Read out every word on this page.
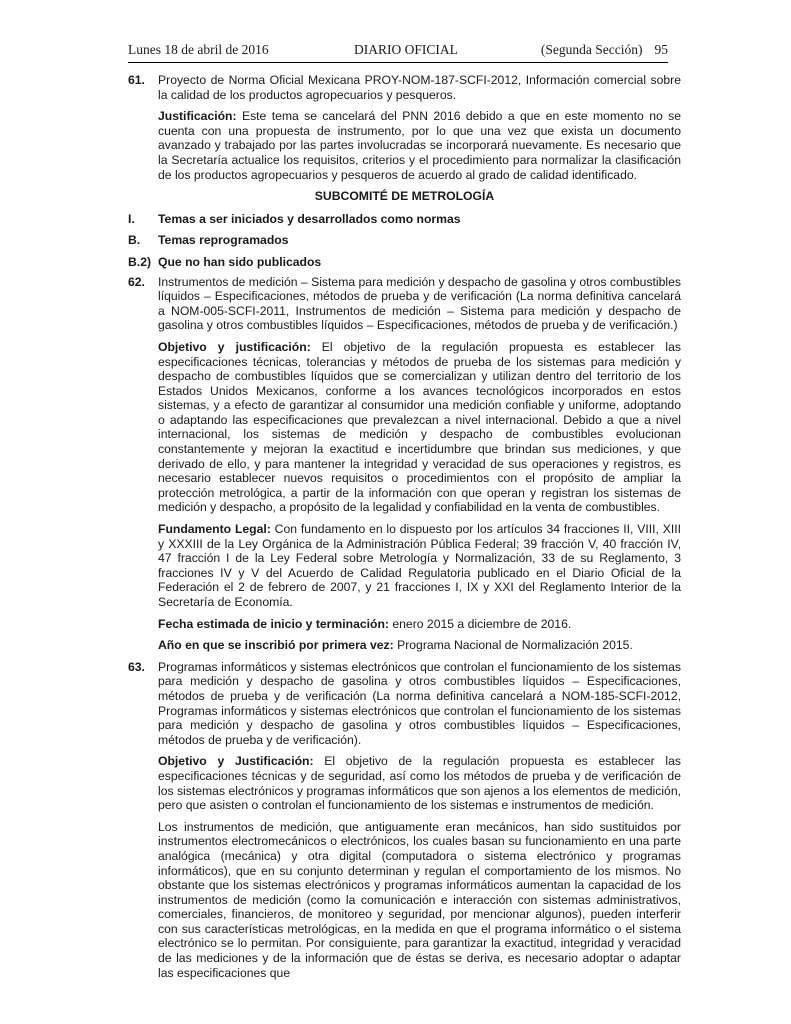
Lunes 18 de abril de 2016	DIARIO OFICIAL	(Segunda Sección) 95
61.	Proyecto de Norma Oficial Mexicana PROY-NOM-187-SCFI-2012, Información comercial sobre la calidad de los productos agropecuarios y pesqueros.
Justificación: Este tema se cancelará del PNN 2016 debido a que en este momento no se cuenta con una propuesta de instrumento, por lo que una vez que exista un documento avanzado y trabajado por las partes involucradas se incorporará nuevamente. Es necesario que la Secretaría actualice los requisitos, criterios y el procedimiento para normalizar la clasificación de los productos agropecuarios y pesqueros de acuerdo al grado de calidad identificado.
SUBCOMITÉ DE METROLOGÍA
I.	Temas a ser iniciados y desarrollados como normas
B.	Temas reprogramados
B.2) Que no han sido publicados
62.	Instrumentos de medición – Sistema para medición y despacho de gasolina y otros combustibles líquidos – Especificaciones, métodos de prueba y de verificación (La norma definitiva cancelará a NOM-005-SCFI-2011, Instrumentos de medición – Sistema para medición y despacho de gasolina y otros combustibles líquidos – Especificaciones, métodos de prueba y de verificación.)
Objetivo y justificación: El objetivo de la regulación propuesta es establecer las especificaciones técnicas, tolerancias y métodos de prueba de los sistemas para medición y despacho de combustibles líquidos que se comercializan y utilizan dentro del territorio de los Estados Unidos Mexicanos, conforme a los avances tecnológicos incorporados en estos sistemas, y a efecto de garantizar al consumidor una medición confiable y uniforme, adoptando o adaptando las especificaciones que prevalezcan a nivel internacional. Debido a que a nivel internacional, los sistemas de medición y despacho de combustibles evolucionan constantemente y mejoran la exactitud e incertidumbre que brindan sus mediciones, y que derivado de ello, y para mantener la integridad y veracidad de sus operaciones y registros, es necesario establecer nuevos requisitos o procedimientos con el propósito de ampliar la protección metrológica, a partir de la información con que operan y registran los sistemas de medición y despacho, a propósito de la legalidad y confiabilidad en la venta de combustibles.
Fundamento Legal: Con fundamento en lo dispuesto por los artículos 34 fracciones II, VIII, XIII y XXXIII de la Ley Orgánica de la Administración Pública Federal; 39 fracción V, 40 fracción IV, 47 fracción I de la Ley Federal sobre Metrología y Normalización, 33 de su Reglamento, 3 fracciones IV y V del Acuerdo de Calidad Regulatoria publicado en el Diario Oficial de la Federación el 2 de febrero de 2007, y 21 fracciones I, IX y XXI del Reglamento Interior de la Secretaría de Economía.
Fecha estimada de inicio y terminación: enero 2015 a diciembre de 2016.
Año en que se inscribió por primera vez: Programa Nacional de Normalización 2015.
63.	Programas informáticos y sistemas electrónicos que controlan el funcionamiento de los sistemas para medición y despacho de gasolina y otros combustibles líquidos – Especificaciones, métodos de prueba y de verificación (La norma definitiva cancelará a NOM-185-SCFI-2012, Programas informáticos y sistemas electrónicos que controlan el funcionamiento de los sistemas para medición y despacho de gasolina y otros combustibles líquidos – Especificaciones, métodos de prueba y de verificación).
Objetivo y Justificación: El objetivo de la regulación propuesta es establecer las especificaciones técnicas y de seguridad, así como los métodos de prueba y de verificación de los sistemas electrónicos y programas informáticos que son ajenos a los elementos de medición, pero que asisten o controlan el funcionamiento de los sistemas e instrumentos de medición.
Los instrumentos de medición, que antiguamente eran mecánicos, han sido sustituidos por instrumentos electromecánicos o electrónicos, los cuales basan su funcionamiento en una parte analógica (mecánica) y otra digital (computadora o sistema electrónico y programas informáticos), que en su conjunto determinan y regulan el comportamiento de los mismos. No obstante que los sistemas electrónicos y programas informáticos aumentan la capacidad de los instrumentos de medición (como la comunicación e interacción con sistemas administrativos, comerciales, financieros, de monitoreo y seguridad, por mencionar algunos), pueden interferir con sus características metrológicas, en la medida en que el programa informático o el sistema electrónico se lo permitan. Por consiguiente, para garantizar la exactitud, integridad y veracidad de las mediciones y de la información que de éstas se deriva, es necesario adoptar o adaptar las especificaciones que
